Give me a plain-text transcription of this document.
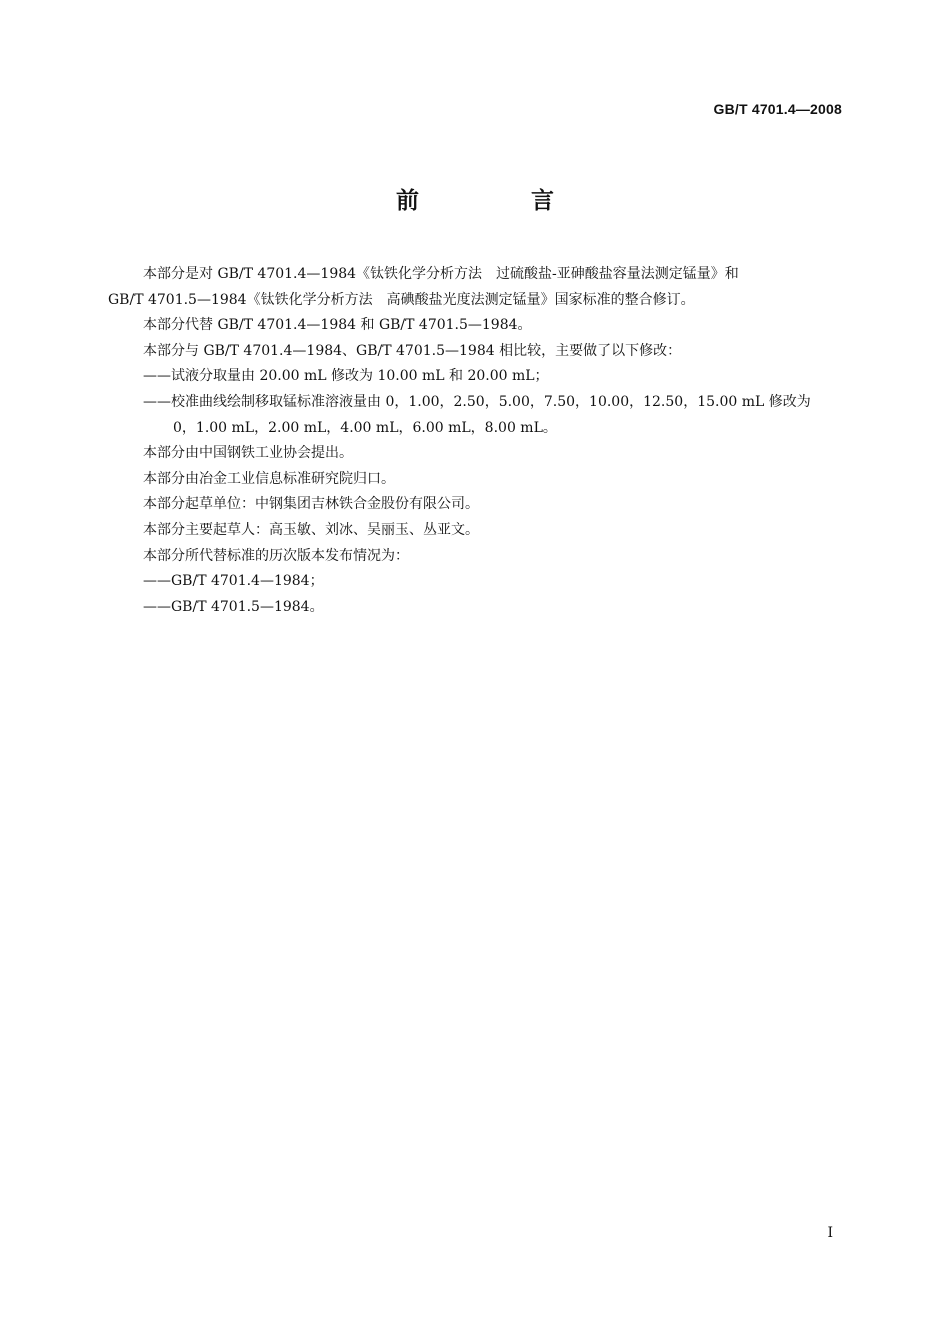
GB/T 4701.4—2008
前 言

本部分是对 GB/T 4701.4—1984《钛铁化学分析方法　过硫酸盐-亚砷酸盐容量法测定锰量》和

GB/T 4701.5—1984《钛铁化学分析方法　高碘酸盐光度法测定锰量》国家标准的整合修订。

本部分代替 GB/T 4701.4—1984 和 GB/T 4701.5—1984。

本部分与 GB/T 4701.4—1984、GB/T 4701.5—1984 相比较，主要做了以下修改：

——试液分取量由 20.00 mL 修改为 10.00 mL 和 20.00 mL；

——校准曲线绘制移取锰标准溶液量由 0，1.00，2.50，5.00，7.50，10.00，12.50，15.00 mL 修改为

0，1.00 mL，2.00 mL，4.00 mL，6.00 mL，8.00 mL。

本部分由中国钢铁工业协会提出。

本部分由冶金工业信息标准研究院归口。

本部分起草单位：中钢集团吉林铁合金股份有限公司。

本部分主要起草人：高玉敏、刘冰、吴丽玉、丛亚文。

本部分所代替标准的历次版本发布情况为：

——GB/T 4701.4—1984；

——GB/T 4701.5—1984。

I
